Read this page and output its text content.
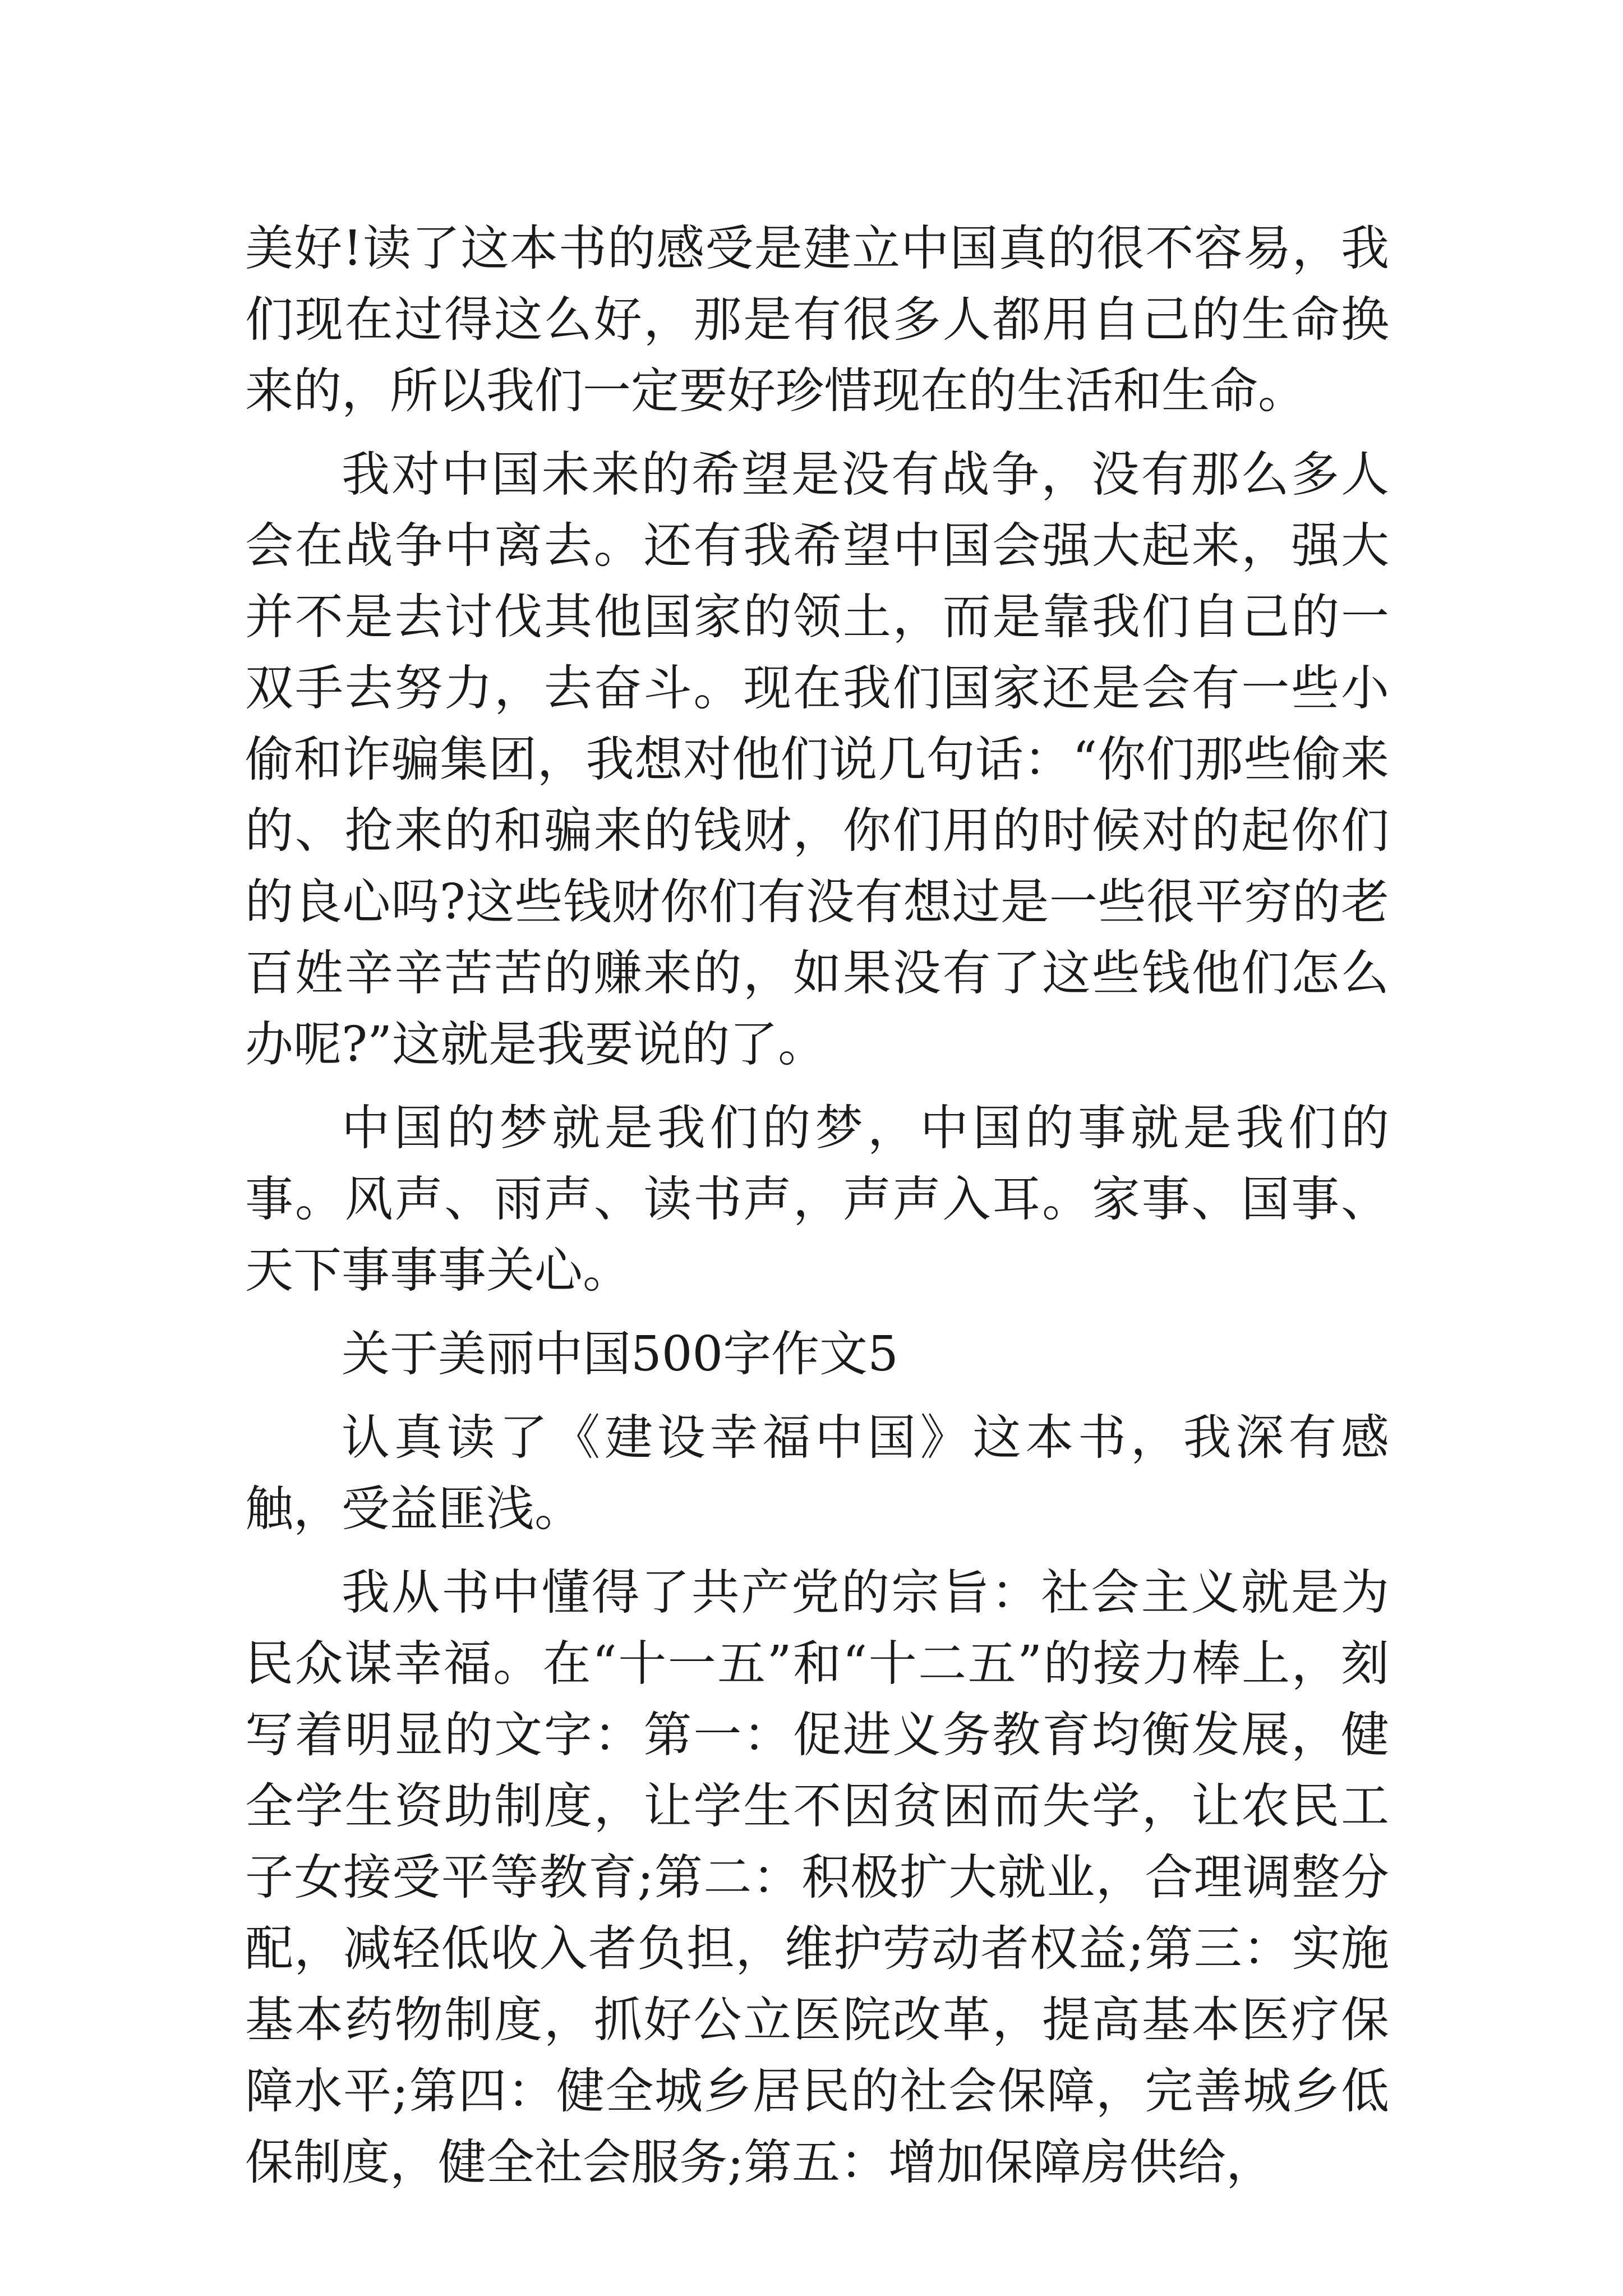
美好!读了这本书的感受是建立中国真的很不容易，我们现在过得这么好，那是有很多人都用自己的生命换来的，所以我们一定要好珍惜现在的生活和生命。

我对中国未来的希望是没有战争，没有那么多人会在战争中离去。还有我希望中国会强大起来，强大并不是去讨伐其他国家的领土，而是靠我们自己的一双手去努力，去奋斗。现在我们国家还是会有一些小偷和诈骗集团，我想对他们说几句话：“你们那些偷来的、抢来的和骗来的钱财，你们用的时候对的起你们的良心吗?这些钱财你们有没有想过是一些很平穷的老百姓辛辛苦苦的赚来的，如果没有了这些钱他们怎么办呢?”这就是我要说的了。

中国的梦就是我们的梦，中国的事就是我们的事。风声、雨声、读书声，声声入耳。家事、国事、天下事事事关心。

关于美丽中国500字作文5

认真读了《建设幸福中国》这本书，我深有感触，受益匪浅。

我从书中懂得了共产党的宗旨：社会主义就是为民众谋幸福。在“十一五”和“十二五”的接力棒上，刻写着明显的文字：第一：促进义务教育均衡发展，健全学生资助制度，让学生不因贫困而失学，让农民工子女接受平等教育;第二：积极扩大就业，合理调整分配，减轻低收入者负担，维护劳动者权益;第三：实施基本药物制度，抓好公立医院改革，提高基本医疗保障水平;第四：健全城乡居民的社会保障，完善城乡低保制度，健全社会服务;第五：增加保障房供给，
